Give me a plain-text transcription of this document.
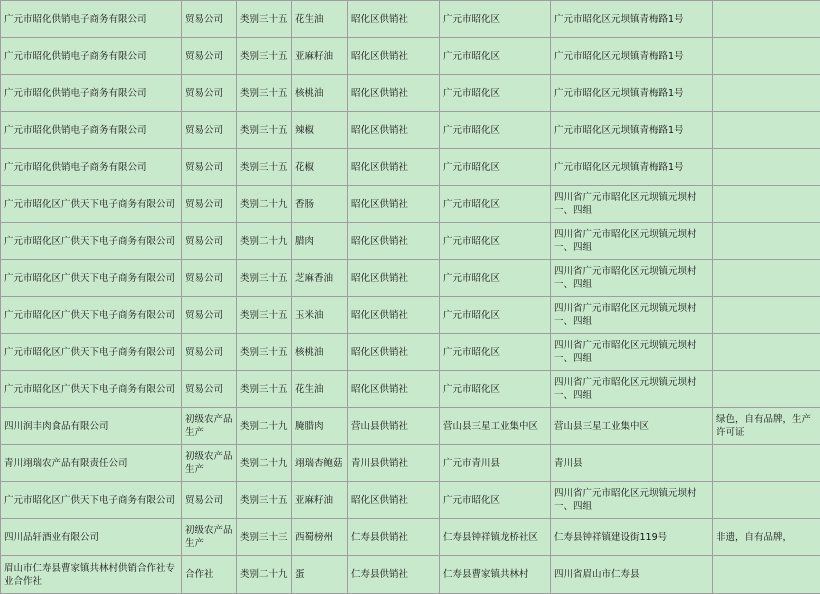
广元市昭化供销电子商务有限公司	贸易公司	类别三十五	花生油	昭化区供销社	广元市昭化区	广元市昭化区元坝镇青梅路1号	
广元市昭化供销电子商务有限公司	贸易公司	类别三十五	亚麻籽油	昭化区供销社	广元市昭化区	广元市昭化区元坝镇青梅路1号	
广元市昭化供销电子商务有限公司	贸易公司	类别三十五	核桃油	昭化区供销社	广元市昭化区	广元市昭化区元坝镇青梅路1号	
广元市昭化供销电子商务有限公司	贸易公司	类别三十五	辣椒	昭化区供销社	广元市昭化区	广元市昭化区元坝镇青梅路1号	
广元市昭化供销电子商务有限公司	贸易公司	类别三十五	花椒	昭化区供销社	广元市昭化区	广元市昭化区元坝镇青梅路1号	
广元市昭化区广供天下电子商务有限公司	贸易公司	类别二十九	香肠	昭化区供销社	广元市昭化区	四川省广元市昭化区元坝镇元坝村一、四组	
广元市昭化区广供天下电子商务有限公司	贸易公司	类别二十九	腊肉	昭化区供销社	广元市昭化区	四川省广元市昭化区元坝镇元坝村一、四组	
广元市昭化区广供天下电子商务有限公司	贸易公司	类别三十五	芝麻香油	昭化区供销社	广元市昭化区	四川省广元市昭化区元坝镇元坝村一、四组	
广元市昭化区广供天下电子商务有限公司	贸易公司	类别三十五	玉米油	昭化区供销社	广元市昭化区	四川省广元市昭化区元坝镇元坝村一、四组	
广元市昭化区广供天下电子商务有限公司	贸易公司	类别三十五	核桃油	昭化区供销社	广元市昭化区	四川省广元市昭化区元坝镇元坝村一、四组	
广元市昭化区广供天下电子商务有限公司	贸易公司	类别三十五	花生油	昭化区供销社	广元市昭化区	四川省广元市昭化区元坝镇元坝村一、四组	
四川润丰肉食品有限公司	初级农产品生产	类别二十九	腌腊肉	营山县供销社	营山县三星工业集中区	营山县三星工业集中区	绿色，自有品牌，生产许可证
青川翊瑞农产品有限责任公司	初级农产品生产	类别二十九	翊瑞杏鲍菇	青川县供销社	广元市青川县	青川县	
广元市昭化区广供天下电子商务有限公司	贸易公司	类别三十五	亚麻籽油	昭化区供销社	广元市昭化区	四川省广元市昭化区元坝镇元坝村一、四组	
四川品轩酒业有限公司	初级农产品生产	类别三十三	西蜀榜州	仁寿县供销社	仁寿县钟祥镇龙桥社区	仁寿县钟祥镇建设街119号	非遗，自有品牌，
眉山市仁寿县曹家镇共林村供销合作社专业合作社	合作社	类别二十九	蛋	仁寿县供销社	仁寿县曹家镇共林村	四川省眉山市仁寿县	
